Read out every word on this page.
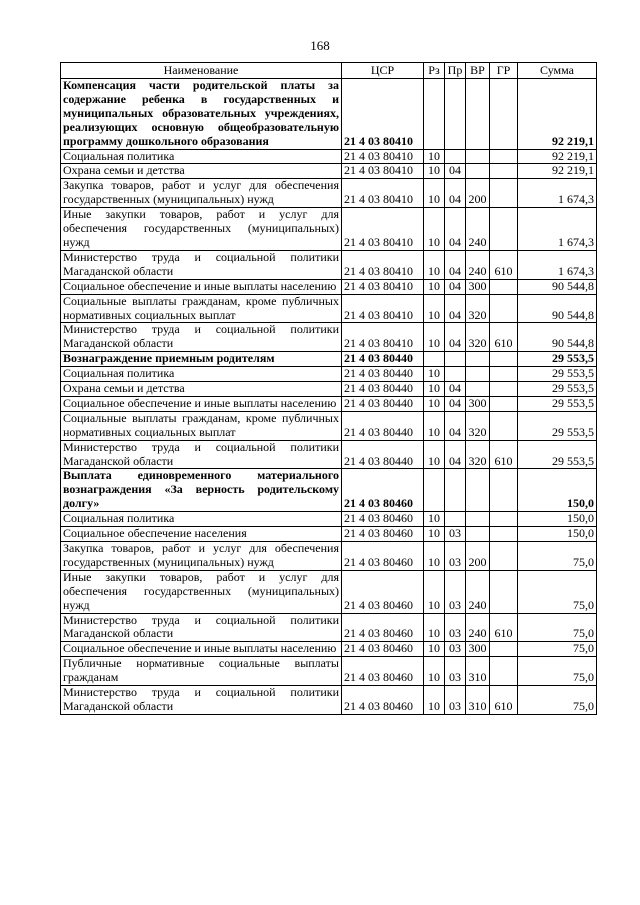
168
Наименование	ЦСР	Рз	Пр	ВР	ГР	Сумма
Компенсация части родительской платы за содержание ребенка в государственных и муниципальных образовательных учреждениях, реализующих основную общеобразовательную программу дошкольного образования	21 4 03 80410					92 219,1
Социальная политика	21 4 03 80410	10				92 219,1
Охрана семьи и детства	21 4 03 80410	10	04			92 219,1
Закупка товаров, работ и услуг для обеспечения государственных (муниципальных) нужд	21 4 03 80410	10	04	200		1 674,3
Иные закупки товаров, работ и услуг для обеспечения государственных (муниципальных) нужд	21 4 03 80410	10	04	240		1 674,3
Министерство труда и социальной политики Магаданской области	21 4 03 80410	10	04	240	610	1 674,3
Социальное обеспечение и иные выплаты населению	21 4 03 80410	10	04	300		90 544,8
Социальные выплаты гражданам, кроме публичных нормативных социальных выплат	21 4 03 80410	10	04	320		90 544,8
Министерство труда и социальной политики Магаданской области	21 4 03 80410	10	04	320	610	90 544,8
Вознаграждение приемным родителям	21 4 03 80440					29 553,5
Социальная политика	21 4 03 80440	10				29 553,5
Охрана семьи и детства	21 4 03 80440	10	04			29 553,5
Социальное обеспечение и иные выплаты населению	21 4 03 80440	10	04	300		29 553,5
Социальные выплаты гражданам, кроме публичных нормативных социальных выплат	21 4 03 80440	10	04	320		29 553,5
Министерство труда и социальной политики Магаданской области	21 4 03 80440	10	04	320	610	29 553,5
Выплата единовременного материального вознаграждения «За верность родительскому долгу»	21 4 03 80460					150,0
Социальная политика	21 4 03 80460	10				150,0
Социальное обеспечение населения	21 4 03 80460	10	03			150,0
Закупка товаров, работ и услуг для обеспечения государственных (муниципальных) нужд	21 4 03 80460	10	03	200		75,0
Иные закупки товаров, работ и услуг для обеспечения государственных (муниципальных) нужд	21 4 03 80460	10	03	240		75,0
Министерство труда и социальной политики Магаданской области	21 4 03 80460	10	03	240	610	75,0
Социальное обеспечение и иные выплаты населению	21 4 03 80460	10	03	300		75,0
Публичные нормативные социальные выплаты гражданам	21 4 03 80460	10	03	310		75,0
Министерство труда и социальной политики Магаданской области	21 4 03 80460	10	03	310	610	75,0
